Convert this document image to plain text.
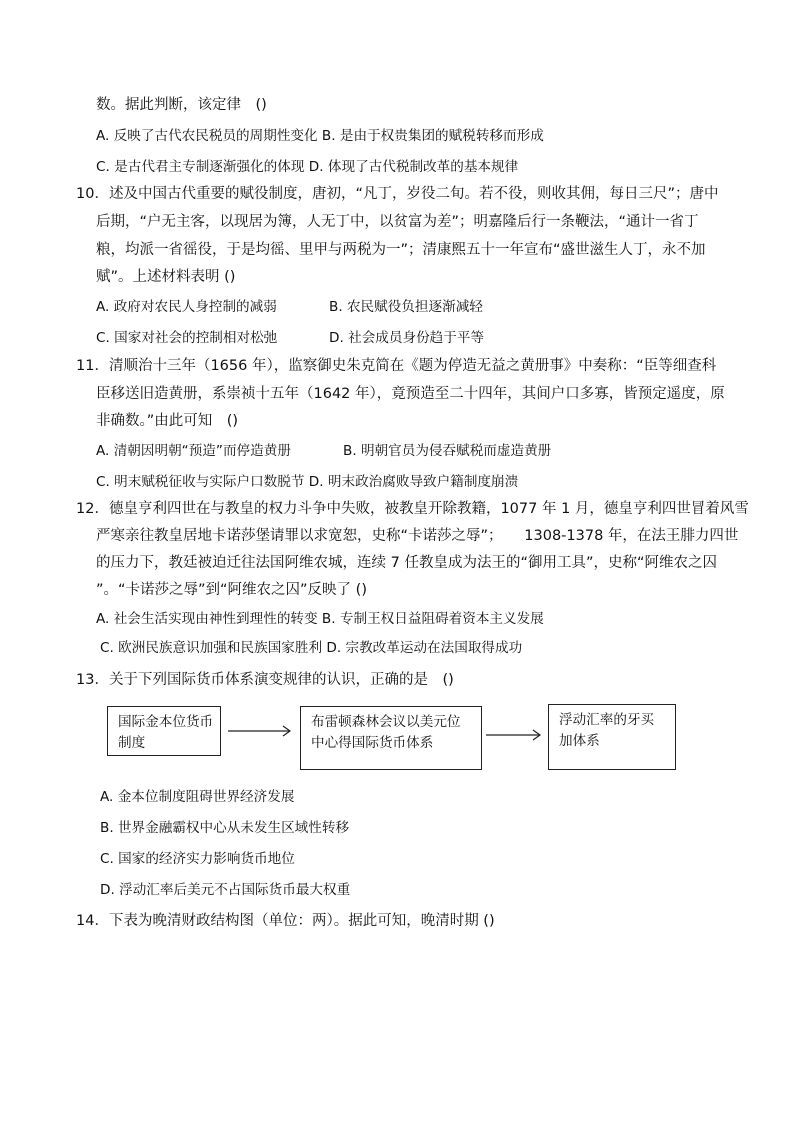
数。据此判断，该定律　()
A. 反映了古代农民税员的周期性变化 B. 是由于权贵集团的赋税转移而形成
C. 是古代君主专制逐渐强化的体现 D. 体现了古代税制改革的基本规律
10．述及中国古代重要的赋役制度，唐初，“凡丁，岁役二旬。若不役，则收其佣，每日三尺”；唐中
后期，“户无主客，以现居为簿，人无丁中，以贫富为差”；明嘉隆后行一条鞭法，“通计一省丁
粮，均派一省徭役，于是均徭、里甲与两税为一”；清康熙五十一年宣布“盛世滋生人丁，永不加
赋”。上述材料表明 ()
A. 政府对农民人身控制的减弱	B. 农民赋役负担逐渐减轻
C. 国家对社会的控制相对松弛	D. 社会成员身份趋于平等
11．清顺治十三年（1656 年），监察御史朱克简在《题为停造无益之黄册事》中奏称：“臣等细查科
臣移送旧造黄册，系崇祯十五年（1642 年），竟预造至二十四年，其间户口多寡，皆预定遥度，原
非确数。”由此可知　()
A. 清朝因明朝“预造”而停造黄册	B. 明朝官员为侵吞赋税而虚造黄册
C. 明末赋税征收与实际户口数脱节 D. 明末政治腐败导致户籍制度崩溃
12．德皇亨利四世在与教皇的权力斗争中失败，被教皇开除教籍，1077 年 1 月，德皇亨利四世冒着风雪
严寒亲往教皇居地卡诺莎堡请罪以求宽恕，史称“卡诺莎之辱”；　　1308-1378 年，在法王腓力四世
的压力下，教廷被迫迁往法国阿维农城，连续 7 任教皇成为法王的“御用工具”，史称“阿维农之囚
”。“卡诺莎之辱”到“阿维农之囚”反映了 ()
A. 社会生活实现由神性到理性的转变 B. 专制王权日益阻碍着资本主义发展
C. 欧洲民族意识加强和民族国家胜利 D. 宗教改革运动在法国取得成功
13．关于下列国际货币体系演变规律的认识，正确的是　()
国际金本位货币
制度
布雷顿森林会议以美元位
中心得国际货币体系
浮动汇率的牙买
加体系
A. 金本位制度阻碍世界经济发展
B. 世界金融霸权中心从未发生区域性转移
C. 国家的经济实力影响货币地位
D. 浮动汇率后美元不占国际货币最大权重
14．下表为晚清财政结构图（单位：两）。据此可知，晚清时期 ()
